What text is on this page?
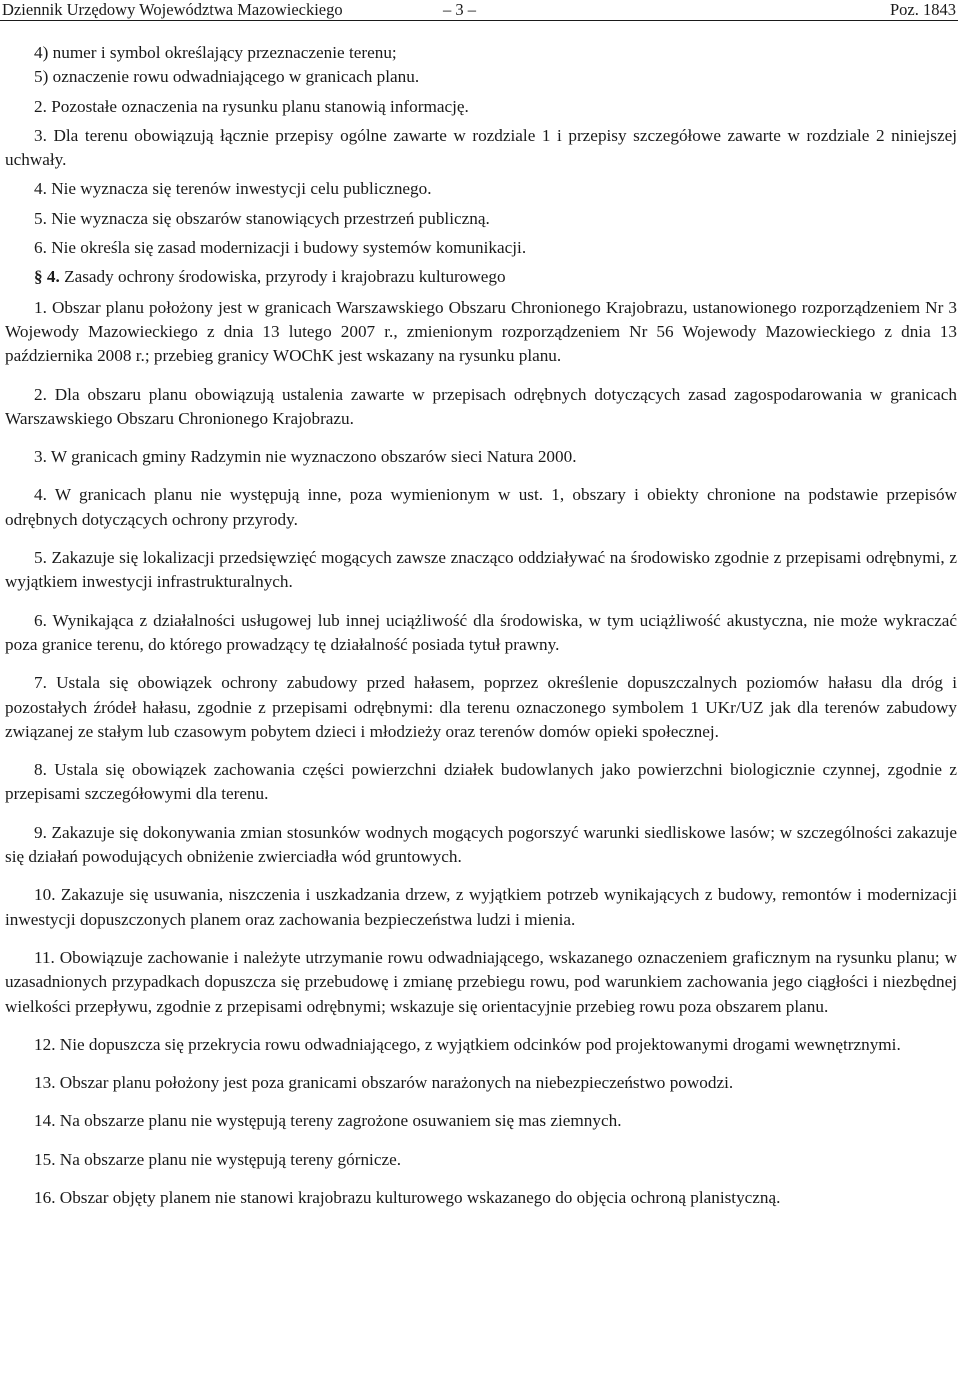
Dziennik Urzędowy Województwa Mazowieckiego	– 3 –	Poz. 1843

4) numer i symbol określający przeznaczenie terenu;

5) oznaczenie rowu odwadniającego w granicach planu.

2. Pozostałe oznaczenia na rysunku planu stanowią informację.

3. Dla terenu obowiązują łącznie przepisy ogólne zawarte w rozdziale 1 i przepisy szczegółowe zawarte w rozdziale 2 niniejszej uchwały.

4. Nie wyznacza się terenów inwestycji celu publicznego.

5. Nie wyznacza się obszarów stanowiących przestrzeń publiczną.

6. Nie określa się zasad modernizacji i budowy systemów komunikacji.

§ 4. Zasady ochrony środowiska, przyrody i krajobrazu kulturowego

1. Obszar planu położony jest w granicach Warszawskiego Obszaru Chronionego Krajobrazu, ustanowionego rozporządzeniem Nr 3 Wojewody Mazowieckiego z dnia 13 lutego 2007 r., zmienionym rozporządzeniem Nr 56 Wojewody Mazowieckiego z dnia 13 października 2008 r.; przebieg granicy WOChK jest wskazany na rysunku planu.

2. Dla obszaru planu obowiązują ustalenia zawarte w przepisach odrębnych dotyczących zasad zagospodarowania w granicach Warszawskiego Obszaru Chronionego Krajobrazu.

3. W granicach gminy Radzymin nie wyznaczono obszarów sieci Natura 2000.

4. W granicach planu nie występują inne, poza wymienionym w ust. 1, obszary i obiekty chronione na podstawie przepisów odrębnych dotyczących ochrony przyrody.

5. Zakazuje się lokalizacji przedsięwzięć mogących zawsze znacząco oddziaływać na środowisko zgodnie z przepisami odrębnymi, z wyjątkiem inwestycji infrastrukturalnych.

6. Wynikająca z działalności usługowej lub innej uciążliwość dla środowiska, w tym uciążliwość akustyczna, nie może wykraczać poza granice terenu, do którego prowadzący tę działalność posiada tytuł prawny.

7. Ustala się obowiązek ochrony zabudowy przed hałasem, poprzez określenie dopuszczalnych poziomów hałasu dla dróg i pozostałych źródeł hałasu, zgodnie z przepisami odrębnymi: dla terenu oznaczonego symbolem 1 UKr/UZ jak dla terenów zabudowy związanej ze stałym lub czasowym pobytem dzieci i młodzieży oraz terenów domów opieki społecznej.

8. Ustala się obowiązek zachowania części powierzchni działek budowlanych jako powierzchni biologicznie czynnej, zgodnie z przepisami szczegółowymi dla terenu.

9. Zakazuje się dokonywania zmian stosunków wodnych mogących pogorszyć warunki siedliskowe lasów; w szczególności zakazuje się działań powodujących obniżenie zwierciadła wód gruntowych.

10. Zakazuje się usuwania, niszczenia i uszkadzania drzew, z wyjątkiem potrzeb wynikających z budowy, remontów i modernizacji inwestycji dopuszczonych planem oraz zachowania bezpieczeństwa ludzi i mienia.

11. Obowiązuje zachowanie i należyte utrzymanie rowu odwadniającego, wskazanego oznaczeniem graficznym na rysunku planu; w uzasadnionych przypadkach dopuszcza się przebudowę i zmianę przebiegu rowu, pod warunkiem zachowania jego ciągłości i niezbędnej wielkości przepływu, zgodnie z przepisami odrębnymi; wskazuje się orientacyjnie przebieg rowu poza obszarem planu.

12. Nie dopuszcza się przekrycia rowu odwadniającego, z wyjątkiem odcinków pod projektowanymi drogami wewnętrznymi.

13. Obszar planu położony jest poza granicami obszarów narażonych na niebezpieczeństwo powodzi.

14. Na obszarze planu nie występują tereny zagrożone osuwaniem się mas ziemnych.

15. Na obszarze planu nie występują tereny górnicze.

16. Obszar objęty planem nie stanowi krajobrazu kulturowego wskazanego do objęcia ochroną planistyczną.
